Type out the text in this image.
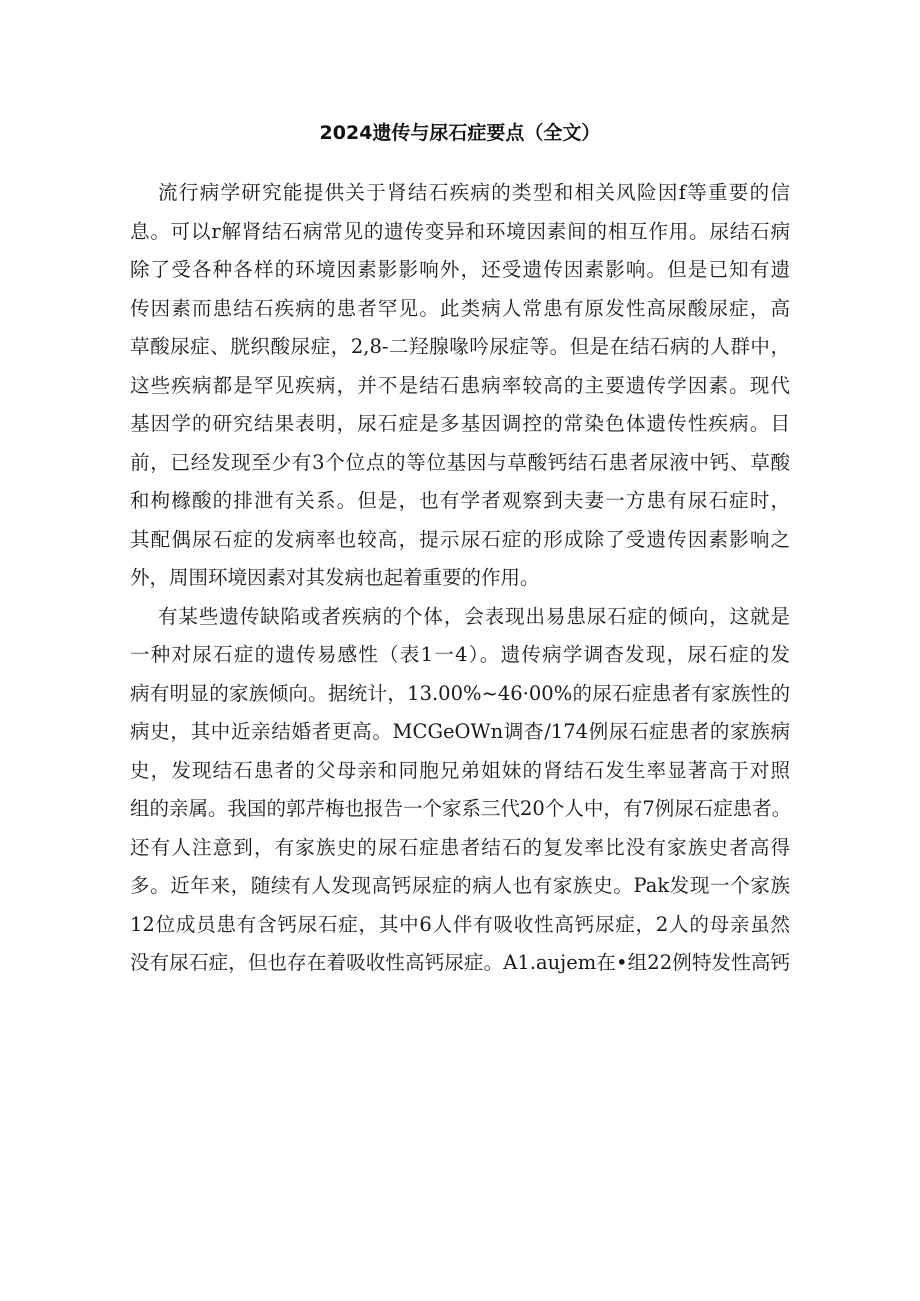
2024遗传与尿石症要点（全文）
流行病学研究能提供关于肾结石疾病的类型和相关风险因f等重要的信
息。可以r解肾结石病常见的遗传变异和环境因素间的相互作用。尿结石病
除了受各种各样的环境因素影影响外，还受遗传因素影响。但是已知有遗
传因素而患结石疾病的患者罕见。此类病人常患有原发性高尿酸尿症，高
草酸尿症、胱织酸尿症，2,8-二羟腺喙吟尿症等。但是在结石病的人群中，
这些疾病都是罕见疾病，并不是结石患病率较高的主要遗传学因素。现代
基因学的研究结果表明，尿石症是多基因调控的常染色体遗传性疾病。目
前，已经发现至少有3个位点的等位基因与草酸钙结石患者尿液中钙、草酸
和枸橼酸的排泄有关系。但是，也有学者观察到夫妻一方患有尿石症时，
其配偶尿石症的发病率也较高，提示尿石症的形成除了受遗传因素影响之
外，周围环境因素对其发病也起着重要的作用。
有某些遗传缺陷或者疾病的个体，会表现出易患尿石症的倾向，这就是
一种对尿石症的遗传易感性（表1一4）。遗传病学调杳发现，尿石症的发
病有明显的家族倾向。据统计，13.00%~46·00%的尿石症患者有家族性的
病史，其中近亲结婚者更高。MCGeOWn调杳/174例尿石症患者的家族病
史，发现结石患者的父母亲和同胞兄弟姐妹的肾结石发生率显著高于对照
组的亲属。我国的郭芹梅也报告一个家系三代20个人中，有7例尿石症患者。
还有人注意到，有家族史的尿石症患者结石的复发率比没有家族史者高得
多。近年来，随续有人发现高钙尿症的病人也有家族史。Pak发现一个家族
12位成员患有含钙尿石症，其中6人伴有吸收性高钙尿症，2人的母亲虽然
没有尿石症，但也存在着吸收性高钙尿症。A1.aujem在•组22例特发性高钙
